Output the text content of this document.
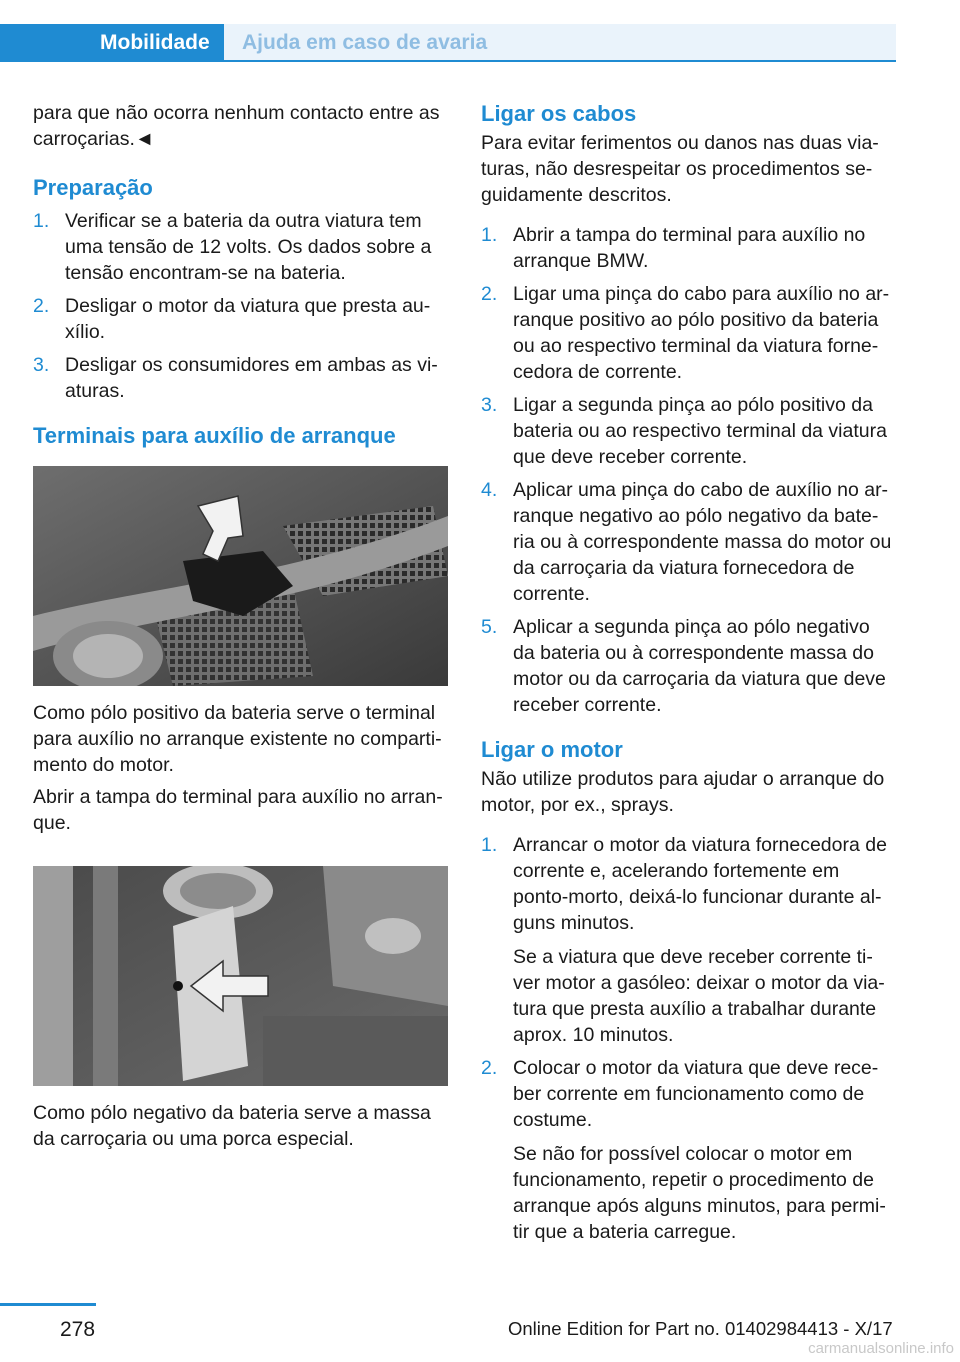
Mobilidade	Ajuda em caso de avaria

para que não ocorra nenhum contacto entre as carroçarias.◄

Preparação
1. Verificar se a bateria da outra viatura tem uma tensão de 12 volts. Os dados sobre a tensão encontram-se na bateria.
2. Desligar o motor da viatura que presta au-xílio.
3. Desligar os consumidores em ambas as vi-aturas.
Terminais para auxílio de arranque

Como pólo positivo da bateria serve o terminal para auxílio no arranque existente no comparti-mento do motor.

Abrir a tampa do terminal para auxílio no arran-que.

Como pólo negativo da bateria serve a massa da carroçaria ou uma porca especial.

Ligar os cabos

Para evitar ferimentos ou danos nas duas via-turas, não desrespeitar os procedimentos se-guidamente descritos.

1. Abrir a tampa do terminal para auxílio no arranque BMW.
2. Ligar uma pinça do cabo para auxílio no ar-ranque positivo ao pólo positivo da bateria ou ao respectivo terminal da viatura forne-cedora de corrente.
3. Ligar a segunda pinça ao pólo positivo da bateria ou ao respectivo terminal da viatura que deve receber corrente.
4. Aplicar uma pinça do cabo de auxílio no ar-ranque negativo ao pólo negativo da bate-ria ou à correspondente massa do motor ou da carroçaria da viatura fornecedora de corrente.
5. Aplicar a segunda pinça ao pólo negativo da bateria ou à correspondente massa do motor ou da carroçaria da viatura que deve receber corrente.
Ligar o motor

Não utilize produtos para ajudar o arranque do motor, por ex., sprays.

1. Arrancar o motor da viatura fornecedora de corrente e, acelerando fortemente em ponto-morto, deixá-lo funcionar durante al-guns minutos.

Se a viatura que deve receber corrente ti-ver motor a gasóleo: deixar o motor da via-tura que presta auxílio a trabalhar durante aprox. 10 minutos.

2. Colocar o motor da viatura que deve rece-ber corrente em funcionamento como de costume.

Se não for possível colocar o motor em funcionamento, repetir o procedimento de arranque após alguns minutos, para permi-tir que a bateria carregue.

278	Online Edition for Part no. 01402984413 - X/17
carmanualsonline.info
